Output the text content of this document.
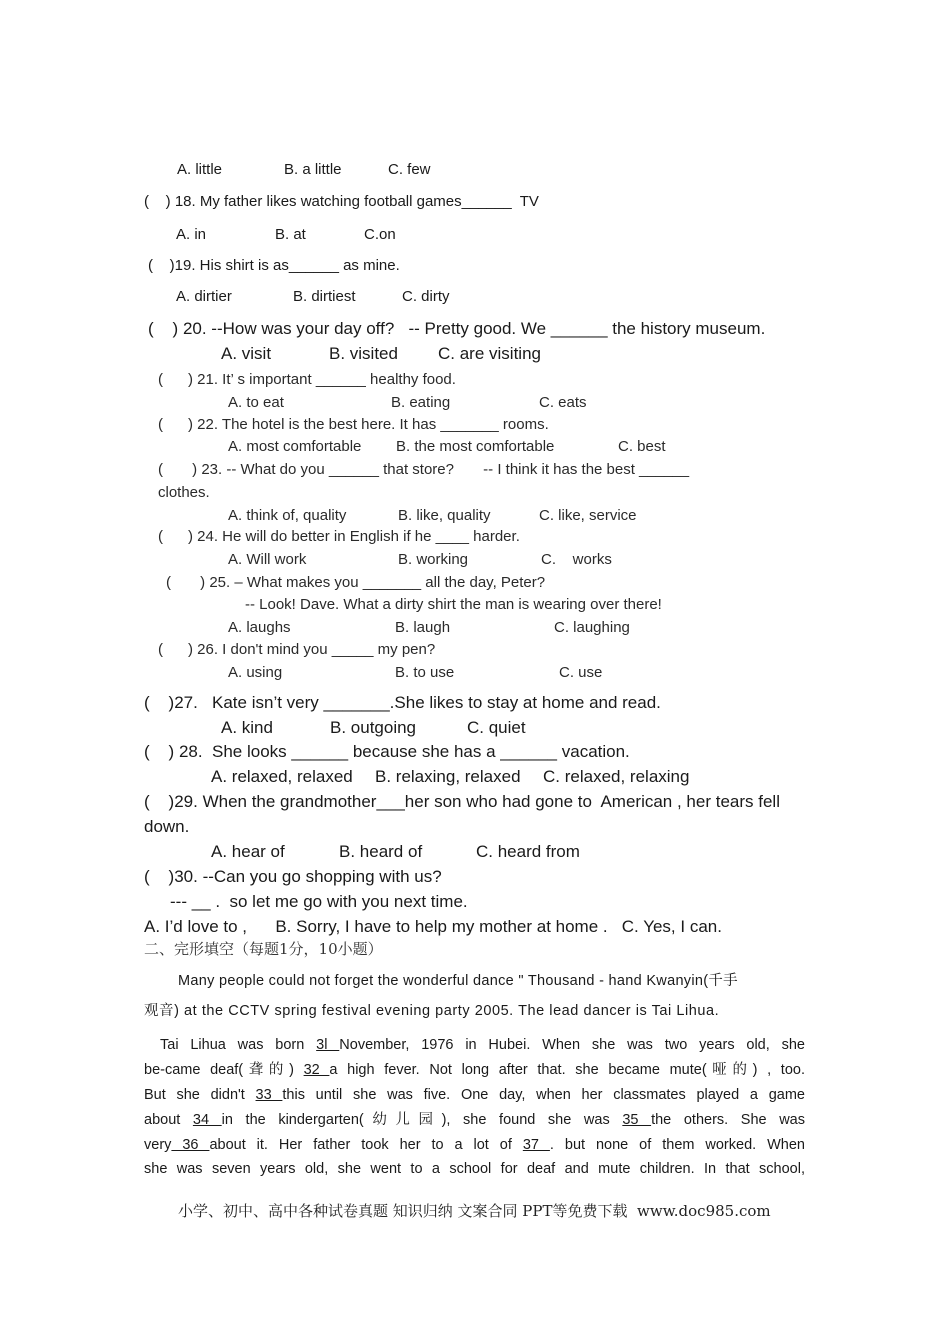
A. little	B. a little	C. few
(    ) 18. My father likes watching football games______  TV
A. in	B. at	C.on
(    )19. His shirt is as______ as mine.
A. dirtier	B. dirtiest	C. dirty
(    ) 20. --How was your day off?   -- Pretty good. We ______ the history museum.
A. visit	B. visited C. are visiting
(      ) 21. It’ s important ______ healthy food.
A. to eat	B. eating	C. eats
(      ) 22. The hotel is the best here. It has _______ rooms.
A. most comfortable B. the most comfortable	C. best
(       ) 23. -- What do you ______ that store?       -- I think it has the best ______
clothes.
A. think of, quality	B. like, quality	C. like, service
(      ) 24. He will do better in English if he ____ harder.
A. Will work	B. working	C.    works
(       ) 25. – What makes you _______ all the day, Peter?
-- Look! Dave. What a dirty shirt the man is wearing over there!
A. laughs	B. laugh	C. laughing
(      ) 26. I don't mind you _____ my pen?
A. using	B. to use	C. use
(    )27.   Kate isn’t very _______.She likes to stay at home and read.
A. kind	B. outgoing	C. quiet
(    ) 28.  She looks ______ because she has a ______ vacation.
A. relaxed, relaxed B. relaxing, relaxed C. relaxed, relaxing
(    )29. When the grandmother___her son who had gone to  American , her tears fell
down.
A. hear of	B. heard of	C. heard from
(    )30. --Can you go shopping with us?
--- __ .  so let me go with you next time.
A. I’d love to ,      B. Sorry, I have to help my mother at home .   C. Yes, I can.
二、完形填空（每题1分，10小题）
Many people could not forget the wonderful dance " Thousand - hand Kwanyin(千手
观音) at the CCTV spring festival evening party 2005. The lead dancer is Tai Lihua.
Tai Lihua was born 3l November, 1976 in Hubei. When she was two years old, she
be-came deaf(聋的) 32 a high fever. Not long after that. she became mute(哑的) , too.
But she didn't 33 this until she was five. One day, when her classmates played a game
about 34 in the kindergarten(幼儿园), she found she was 35 the others. She was
very 36 about it. Her father took her to a lot of 37 . but none of them worked. When
she was seven years old, she went to a school for deaf and mute children. In that school,
小学、初中、高中各种试卷真题 知识归纳 文案合同 PPT等免费下载  www.doc985.com
